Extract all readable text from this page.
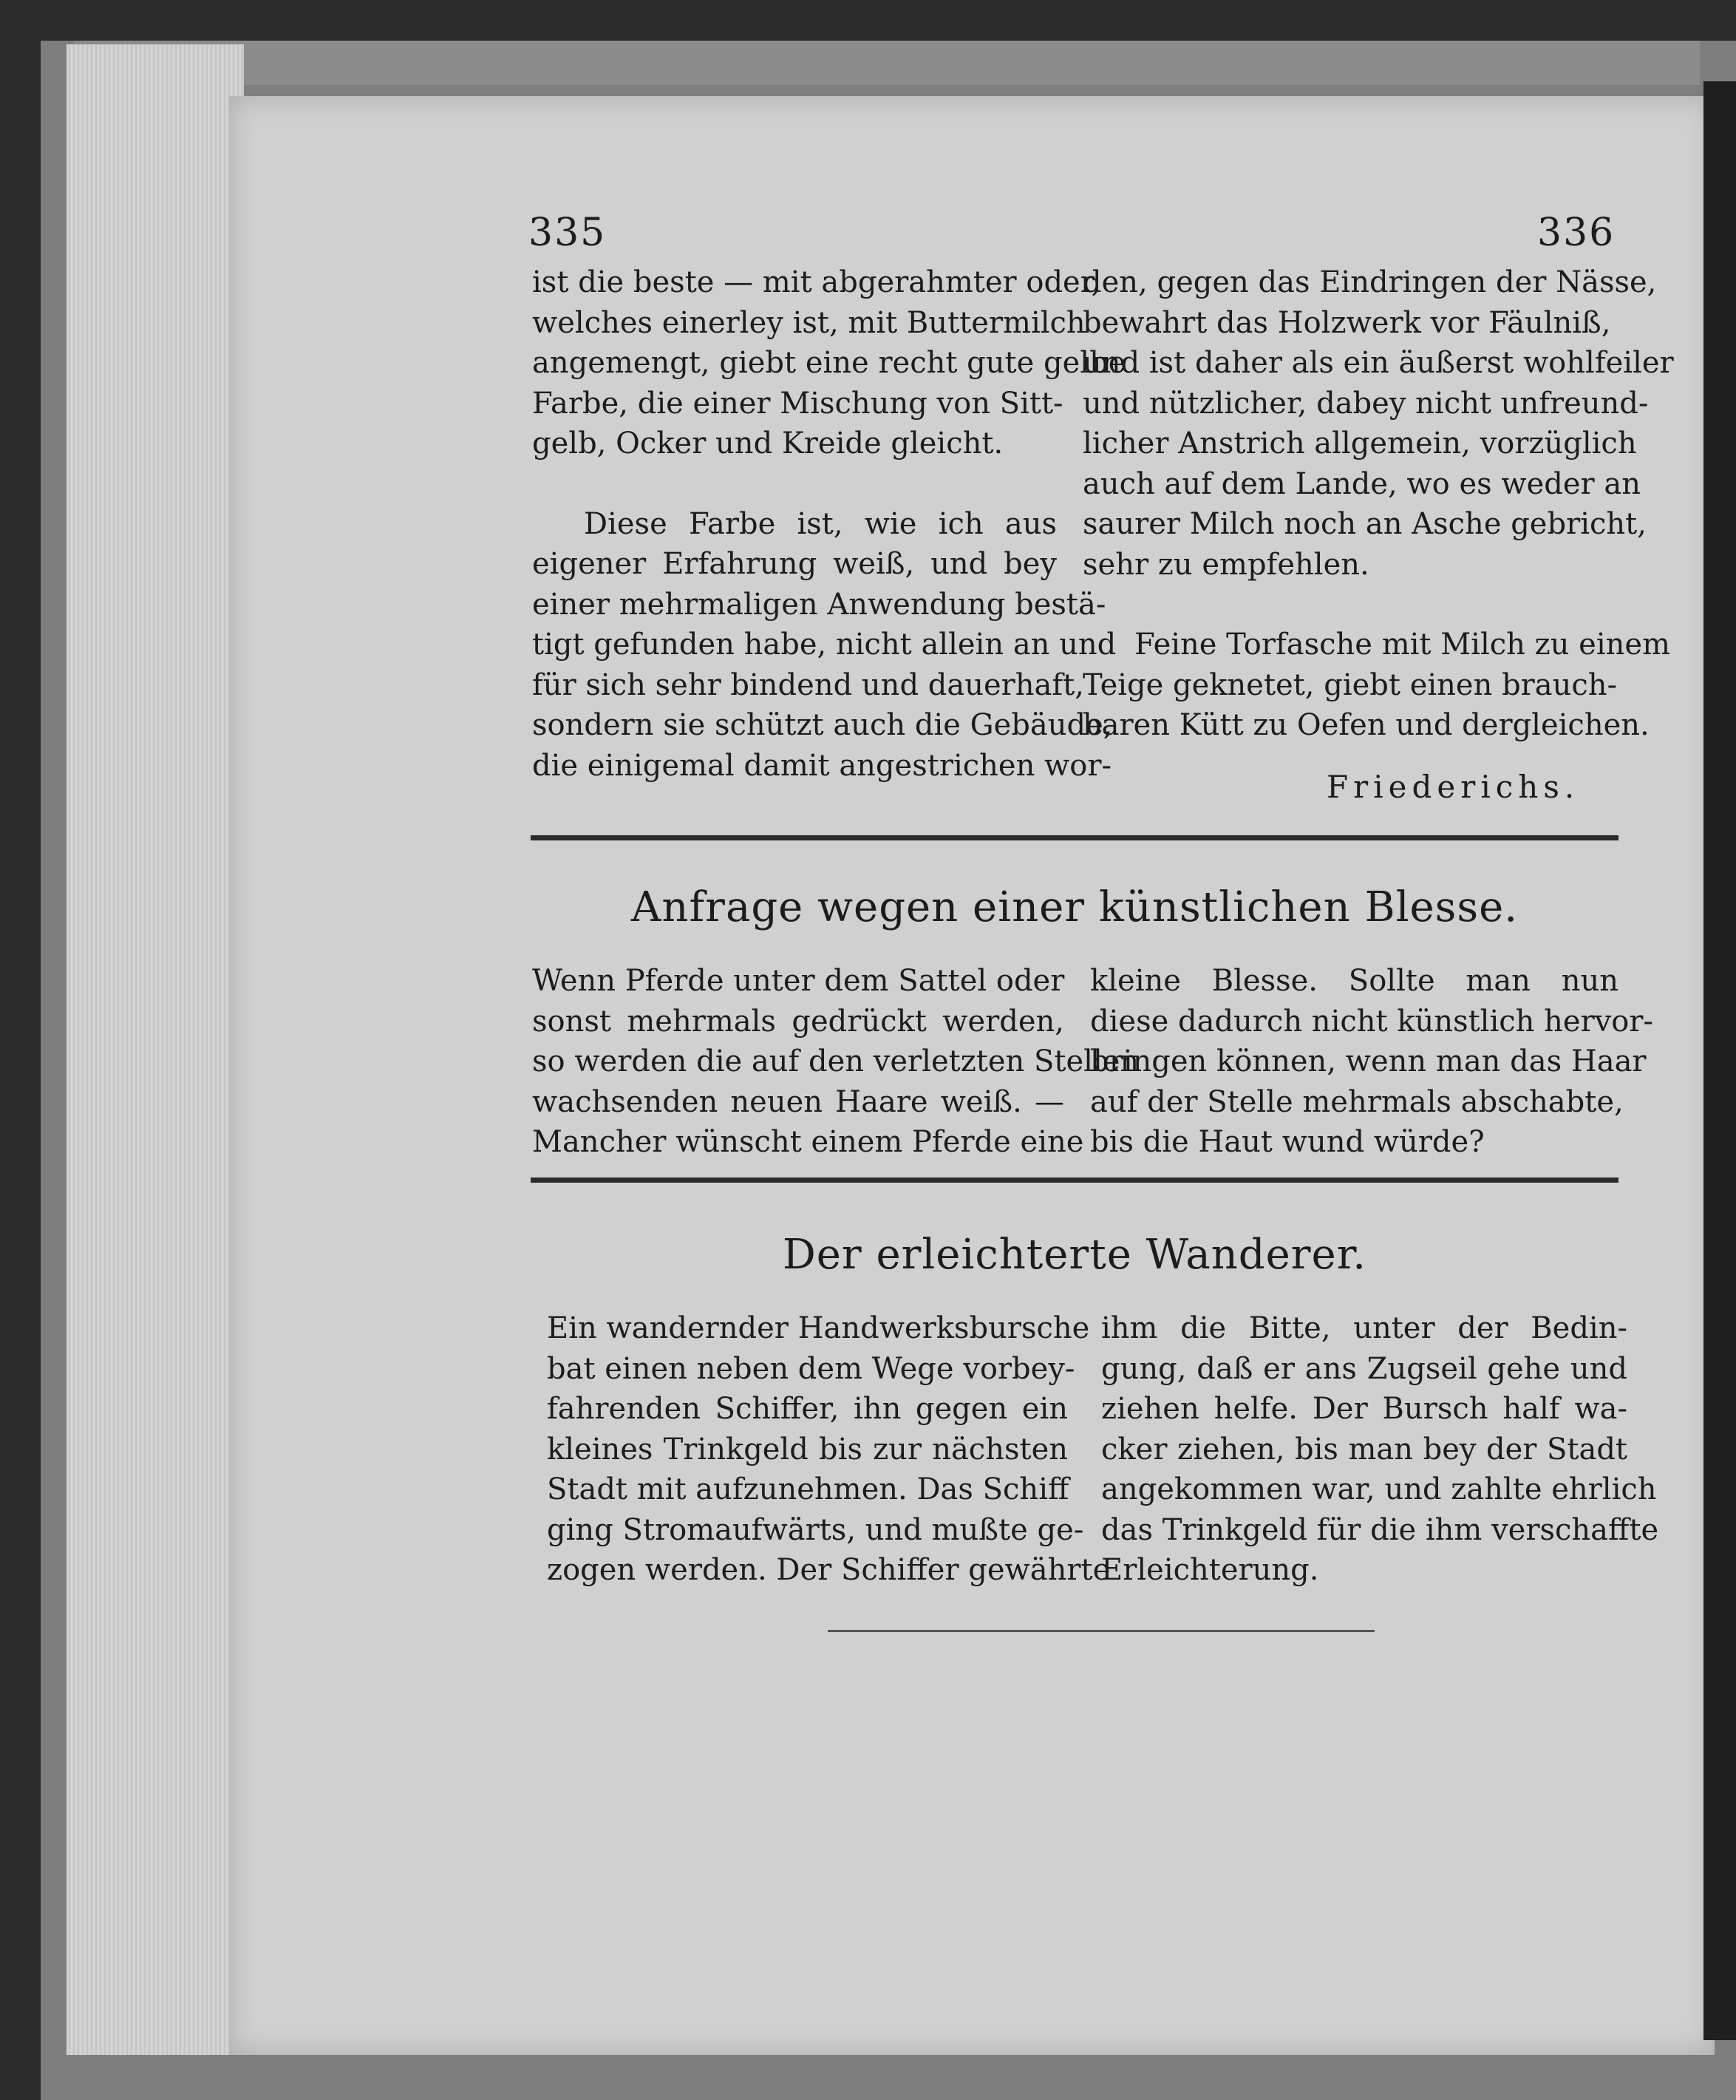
335	336

ist die beste — mit abgerahmter oder,
welches einerley ist, mit Buttermilch
angemengt, giebt eine recht gute gelbe
Farbe, die einer Mischung von Sitt-
gelb, Ocker und Kreide gleicht.

Diese Farbe ist, wie ich aus
eigener Erfahrung weiß, und bey
einer mehrmaligen Anwendung bestä-
tigt gefunden habe, nicht allein an und
für sich sehr bindend und dauerhaft,
sondern sie schützt auch die Gebäude,
die einigemal damit angestrichen wor-

den, gegen das Eindringen der Nässe,
bewahrt das Holzwerk vor Fäulniß,
und ist daher als ein äußerst wohlfeiler
und nützlicher, dabey nicht unfreund-
licher Anstrich allgemein, vorzüglich
auch auf dem Lande, wo es weder an
saurer Milch noch an Asche gebricht,
sehr zu empfehlen.

Feine Torfasche mit Milch zu einem
Teige geknetet, giebt einen brauch-
baren Kütt zu Oefen und dergleichen.

Friederichs.
Anfrage wegen einer künstlichen Blesse.

Wenn Pferde unter dem Sattel oder
sonst mehrmals gedrückt werden,
so werden die auf den verletzten Stellen
wachsenden neuen Haare weiß. —
Mancher wünscht einem Pferde eine

kleine Blesse. Sollte man nun
diese dadurch nicht künstlich hervor-
bringen können, wenn man das Haar
auf der Stelle mehrmals abschabte,
bis die Haut wund würde?

Der erleichterte Wanderer.

Ein wandernder Handwerksbursche
bat einen neben dem Wege vorbey-
fahrenden Schiffer, ihn gegen ein
kleines Trinkgeld bis zur nächsten
Stadt mit aufzunehmen. Das Schiff
ging Stromaufwärts, und mußte ge-
zogen werden. Der Schiffer gewährte

ihm die Bitte, unter der Bedin-
gung, daß er ans Zugseil gehe und
ziehen helfe. Der Bursch half wa-
cker ziehen, bis man bey der Stadt
angekommen war, und zahlte ehrlich
das Trinkgeld für die ihm verschaffte
Erleichterung.
